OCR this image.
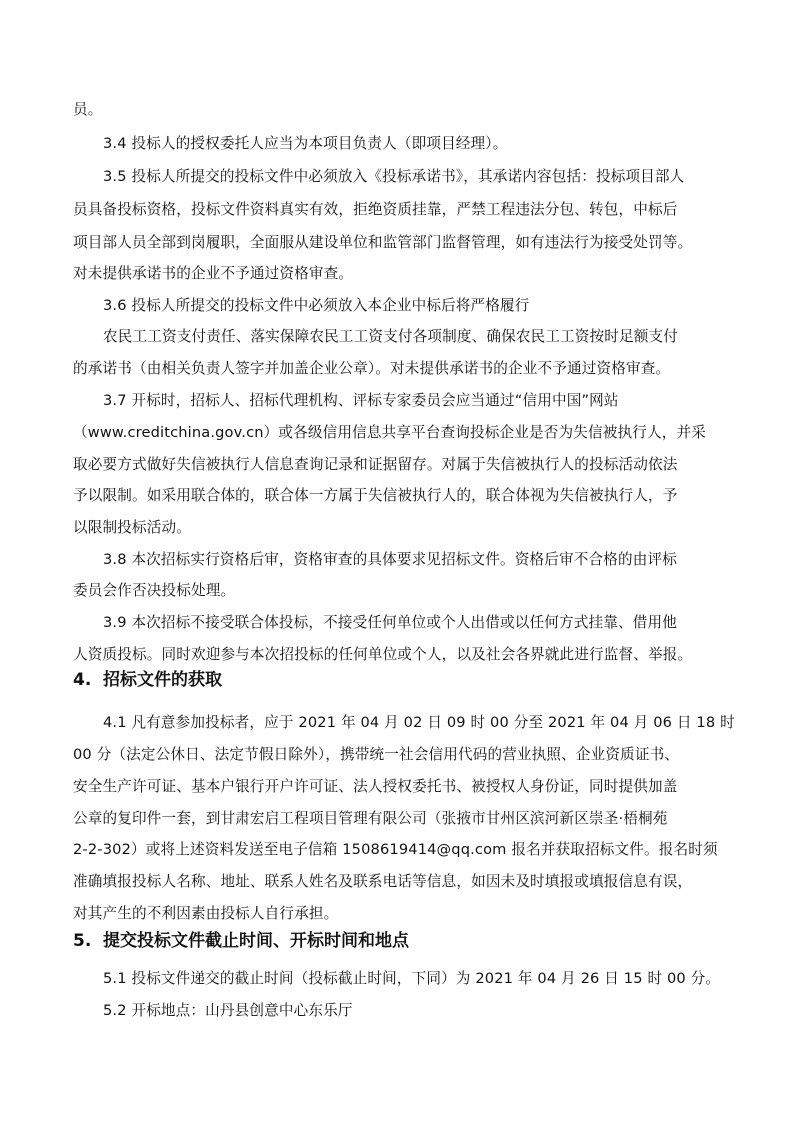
员。
3.4 投标人的授权委托人应当为本项目负责人（即项目经理）。
3.5 投标人所提交的投标文件中必须放入《投标承诺书》，其承诺内容包括：投标项目部人
员具备投标资格，投标文件资料真实有效，拒绝资质挂靠，严禁工程违法分包、转包，中标后
项目部人员全部到岗履职，全面服从建设单位和监管部门监督管理，如有违法行为接受处罚等。
对未提供承诺书的企业不予通过资格审查。
3.6 投标人所提交的投标文件中必须放入本企业中标后将严格履行
农民工工资支付责任、落实保障农民工工资支付各项制度、确保农民工工资按时足额支付
的承诺书（由相关负责人签字并加盖企业公章）。对未提供承诺书的企业不予通过资格审查。
3.7 开标时，招标人、招标代理机构、评标专家委员会应当通过“信用中国”网站
（www.creditchina.gov.cn）或各级信用信息共享平台查询投标企业是否为失信被执行人，并采
取必要方式做好失信被执行人信息查询记录和证据留存。对属于失信被执行人的投标活动依法
予以限制。如采用联合体的，联合体一方属于失信被执行人的，联合体视为失信被执行人，予
以限制投标活动。
3.8 本次招标实行资格后审，资格审查的具体要求见招标文件。资格后审不合格的由评标
委员会作否决投标处理。
3.9 本次招标不接受联合体投标，不接受任何单位或个人出借或以任何方式挂靠、借用他
人资质投标。同时欢迎参与本次招投标的任何单位或个人，以及社会各界就此进行监督、举报。
4. 招标文件的获取
4.1 凡有意参加投标者，应于 2021 年 04 月 02 日 09 时 00 分至 2021 年 04 月 06 日 18 时
00 分（法定公休日、法定节假日除外），携带统一社会信用代码的营业执照、企业资质证书、
安全生产许可证、基本户银行开户许可证、法人授权委托书、被授权人身份证，同时提供加盖
公章的复印件一套，到甘肃宏启工程项目管理有限公司（张掖市甘州区滨河新区崇圣·梧桐苑
2-2-302）或将上述资料发送至电子信箱 1508619414@qq.com 报名并获取招标文件。报名时须
准确填报投标人名称、地址、联系人姓名及联系电话等信息，如因未及时填报或填报信息有误，
对其产生的不利因素由投标人自行承担。
5. 提交投标文件截止时间、开标时间和地点
5.1 投标文件递交的截止时间（投标截止时间，下同）为 2021 年 04 月 26 日 15 时 00 分。
5.2 开标地点：山丹县创意中心东乐厅
